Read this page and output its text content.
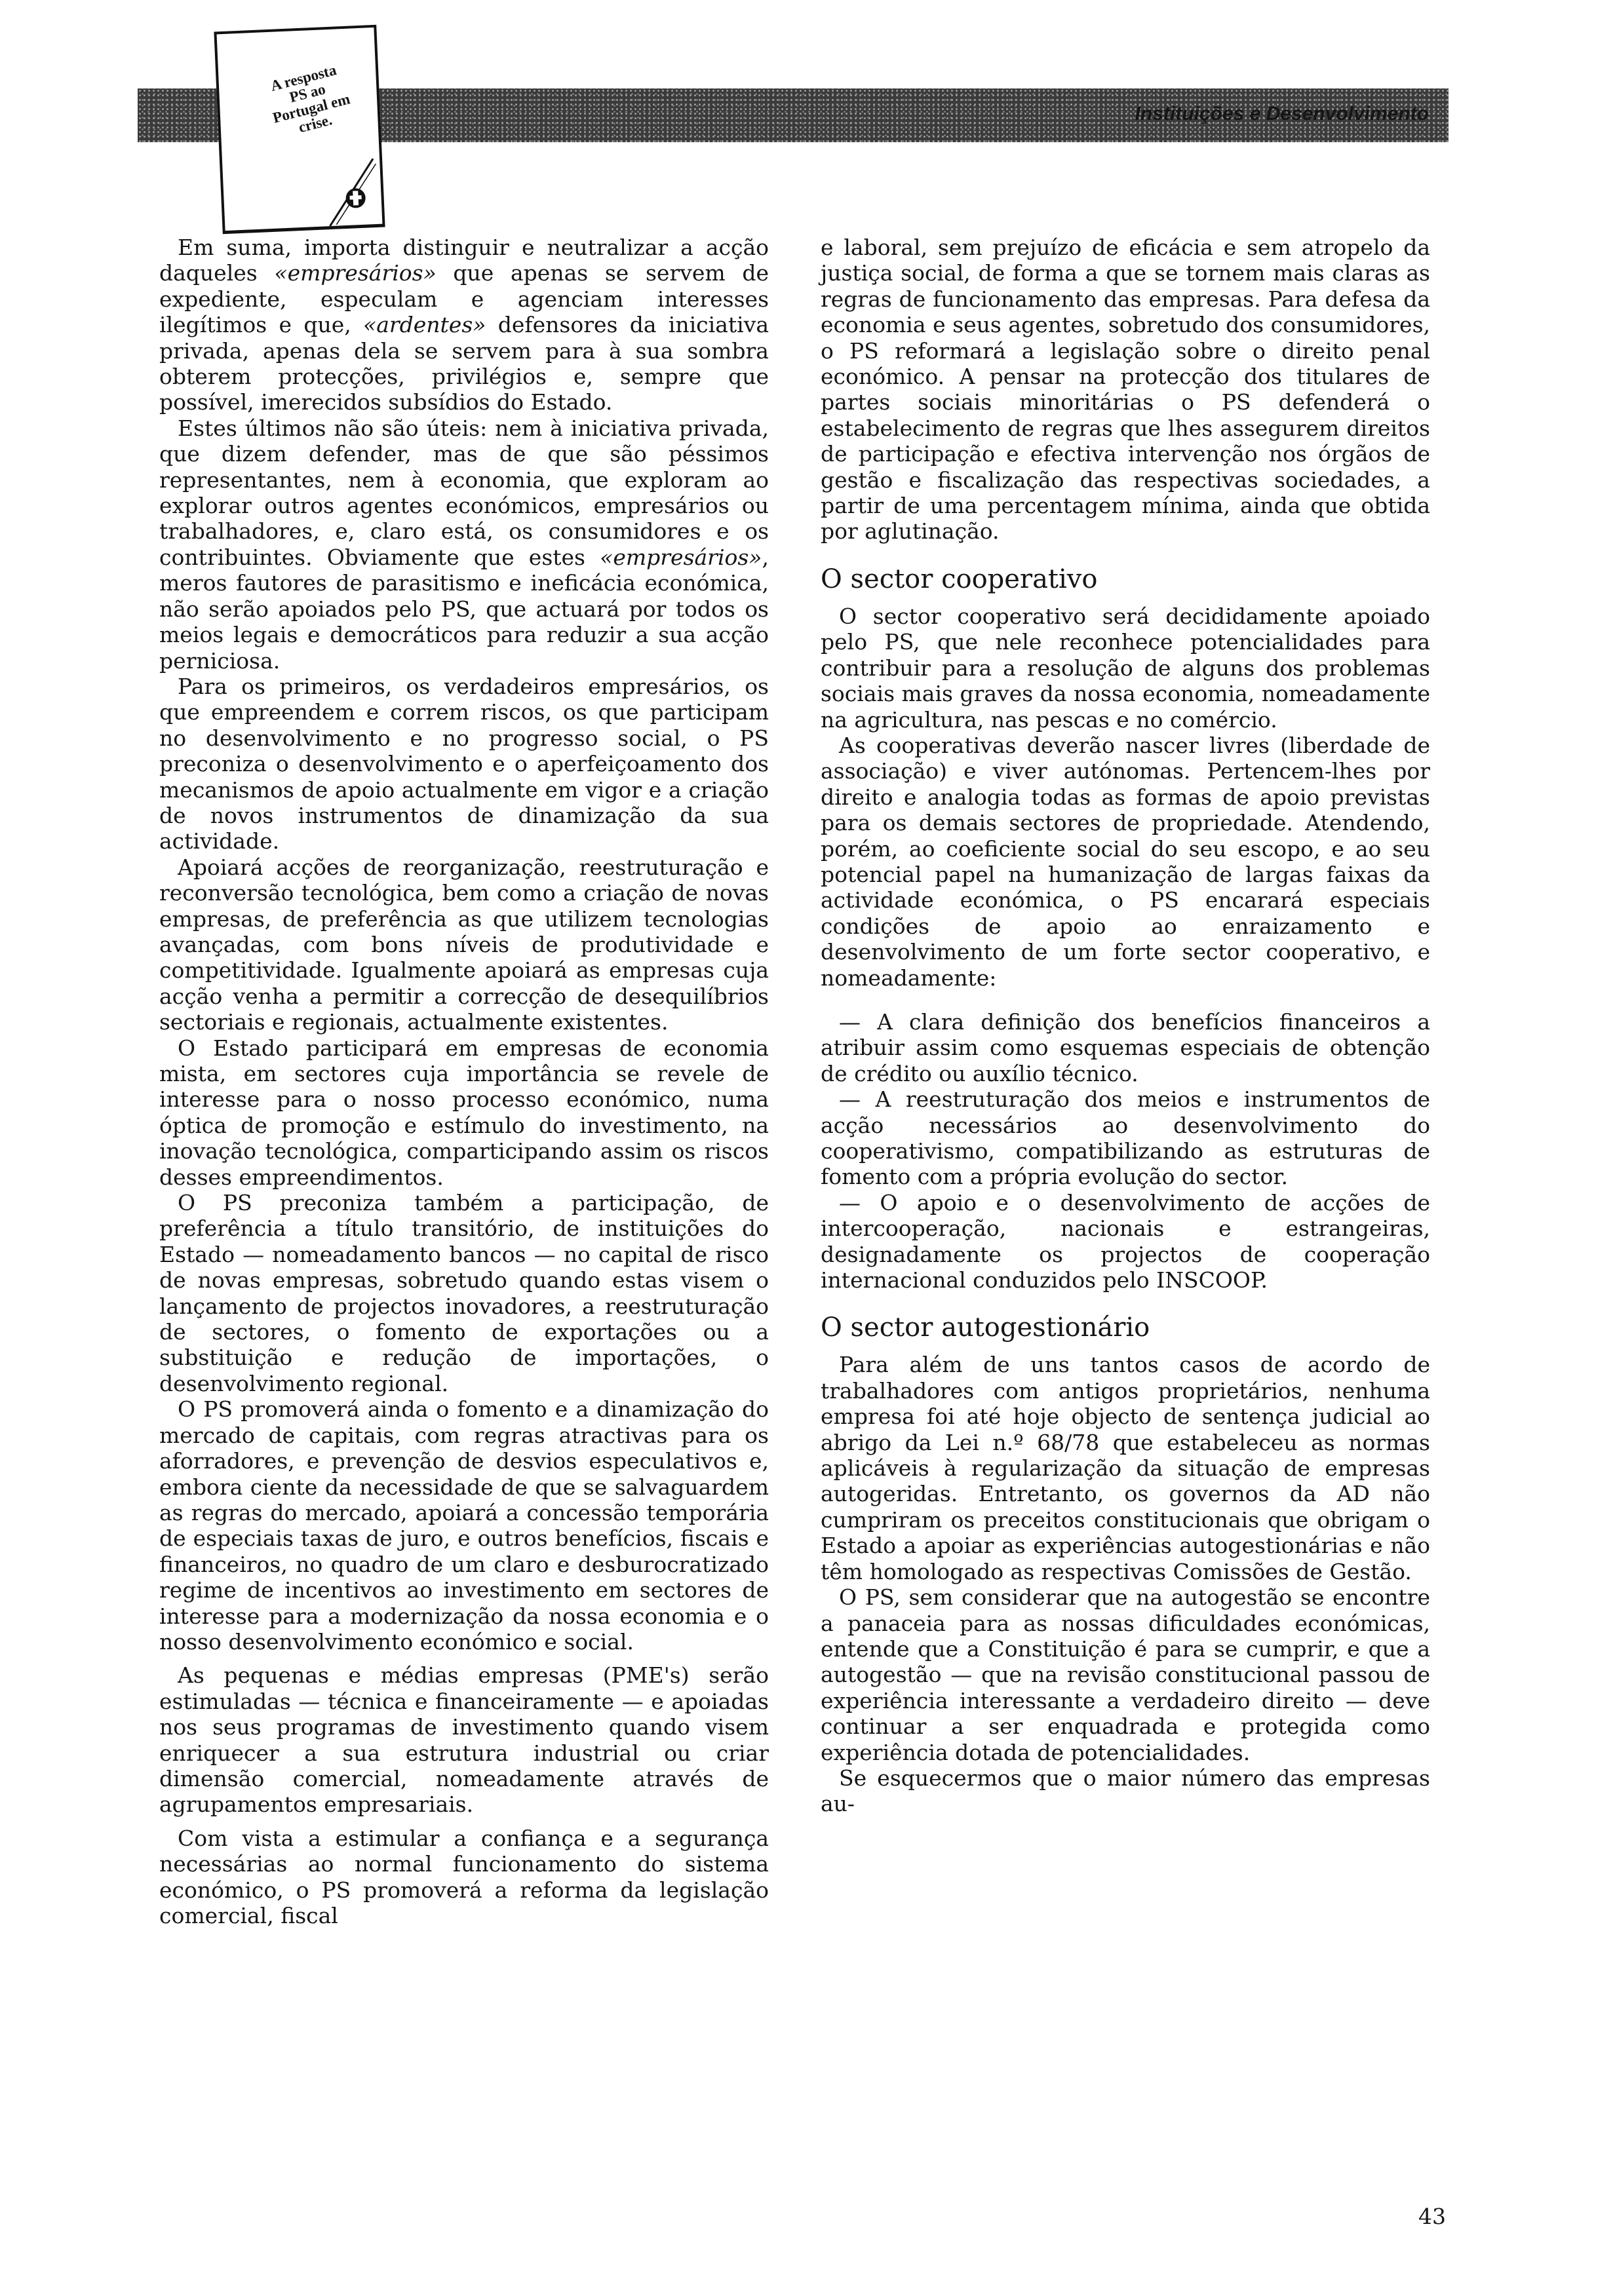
Instituições e Desenvolvimento
A resposta PS ao Portugal em crise.

Em suma, importa distinguir e neutralizar a acção daqueles «empresários» que apenas se servem de expediente, especulam e agenciam interesses ilegítimos e que, «ardentes» defensores da iniciativa privada, apenas dela se servem para à sua sombra obterem protecções, privilégios e, sempre que possível, imerecidos subsídios do Estado.

Estes últimos não são úteis: nem à iniciativa privada, que dizem defender, mas de que são péssimos representantes, nem à economia, que exploram ao explorar outros agentes económicos, empresários ou trabalhadores, e, claro está, os consumidores e os contribuintes. Obviamente que estes «empresários», meros fautores de parasitismo e ineficácia económica, não serão apoiados pelo PS, que actuará por todos os meios legais e democráticos para reduzir a sua acção perniciosa.

Para os primeiros, os verdadeiros empresários, os que empreendem e correm riscos, os que participam no desenvolvimento e no progresso social, o PS preconiza o desenvolvimento e o aperfeiçoamento dos mecanismos de apoio actualmente em vigor e a criação de novos instrumentos de dinamização da sua actividade.

Apoiará acções de reorganização, reestruturação e reconversão tecnológica, bem como a criação de novas empresas, de preferência as que utilizem tecnologias avançadas, com bons níveis de produtividade e competitividade. Igualmente apoiará as empresas cuja acção venha a permitir a correcção de desequilíbrios sectoriais e regionais, actualmente existentes.

O Estado participará em empresas de economia mista, em sectores cuja importância se revele de interesse para o nosso processo económico, numa óptica de promoção e estímulo do investimento, na inovação tecnológica, comparticipando assim os riscos desses empreendimentos.

O PS preconiza também a participação, de preferência a título transitório, de instituições do Estado — nomeadamento bancos — no capital de risco de novas empresas, sobretudo quando estas visem o lançamento de projectos inovadores, a reestruturação de sectores, o fomento de exportações ou a substituição e redução de importações, o desenvolvimento regional.

O PS promoverá ainda o fomento e a dinamização do mercado de capitais, com regras atractivas para os aforradores, e prevenção de desvios especulativos e, embora ciente da necessidade de que se salvaguardem as regras do mercado, apoiará a concessão temporária de especiais taxas de juro, e outros benefícios, fiscais e financeiros, no quadro de um claro e desburocratizado regime de incentivos ao investimento em sectores de interesse para a modernização da nossa economia e o nosso desenvolvimento económico e social.

As pequenas e médias empresas (PME's) serão estimuladas — técnica e financeiramente — e apoiadas nos seus programas de investimento quando visem enriquecer a sua estrutura industrial ou criar dimensão comercial, nomeadamente através de agrupamentos empresariais.

Com vista a estimular a confiança e a segurança necessárias ao normal funcionamento do sistema económico, o PS promoverá a reforma da legislação comercial, fiscal

e laboral, sem prejuízo de eficácia e sem atropelo da justiça social, de forma a que se tornem mais claras as regras de funcionamento das empresas. Para defesa da economia e seus agentes, sobretudo dos consumidores, o PS reformará a legislação sobre o direito penal económico. A pensar na protecção dos titulares de partes sociais minoritárias o PS defenderá o estabelecimento de regras que lhes assegurem direitos de participação e efectiva intervenção nos órgãos de gestão e fiscalização das respectivas sociedades, a partir de uma percentagem mínima, ainda que obtida por aglutinação.

O sector cooperativo

O sector cooperativo será decididamente apoiado pelo PS, que nele reconhece potencialidades para contribuir para a resolução de alguns dos problemas sociais mais graves da nossa economia, nomeadamente na agricultura, nas pescas e no comércio.

As cooperativas deverão nascer livres (liberdade de associação) e viver autónomas. Pertencem-lhes por direito e analogia todas as formas de apoio previstas para os demais sectores de propriedade. Atendendo, porém, ao coeficiente social do seu escopo, e ao seu potencial papel na humanização de largas faixas da actividade económica, o PS encarará especiais condições de apoio ao enraizamento e desenvolvimento de um forte sector cooperativo, e nomeadamente:

— A clara definição dos benefícios financeiros a atribuir assim como esquemas especiais de obtenção de crédito ou auxílio técnico.

— A reestruturação dos meios e instrumentos de acção necessários ao desenvolvimento do cooperativismo, compatibilizando as estruturas de fomento com a própria evolução do sector.

— O apoio e o desenvolvimento de acções de intercooperação, nacionais e estrangeiras, designadamente os projectos de cooperação internacional conduzidos pelo INSCOOP.

O sector autogestionário

Para além de uns tantos casos de acordo de trabalhadores com antigos proprietários, nenhuma empresa foi até hoje objecto de sentença judicial ao abrigo da Lei n.º 68/78 que estabeleceu as normas aplicáveis à regularização da situação de empresas autogeridas. Entretanto, os governos da AD não cumpriram os preceitos constitucionais que obrigam o Estado a apoiar as experiências autogestionárias e não têm homologado as respectivas Comissões de Gestão.

O PS, sem considerar que na autogestão se encontre a panaceia para as nossas dificuldades económicas, entende que a Constituição é para se cumprir, e que a autogestão — que na revisão constitucional passou de experiência interessante a verdadeiro direito — deve continuar a ser enquadrada e protegida como experiência dotada de potencialidades.

Se esquecermos que o maior número das empresas au-

43
